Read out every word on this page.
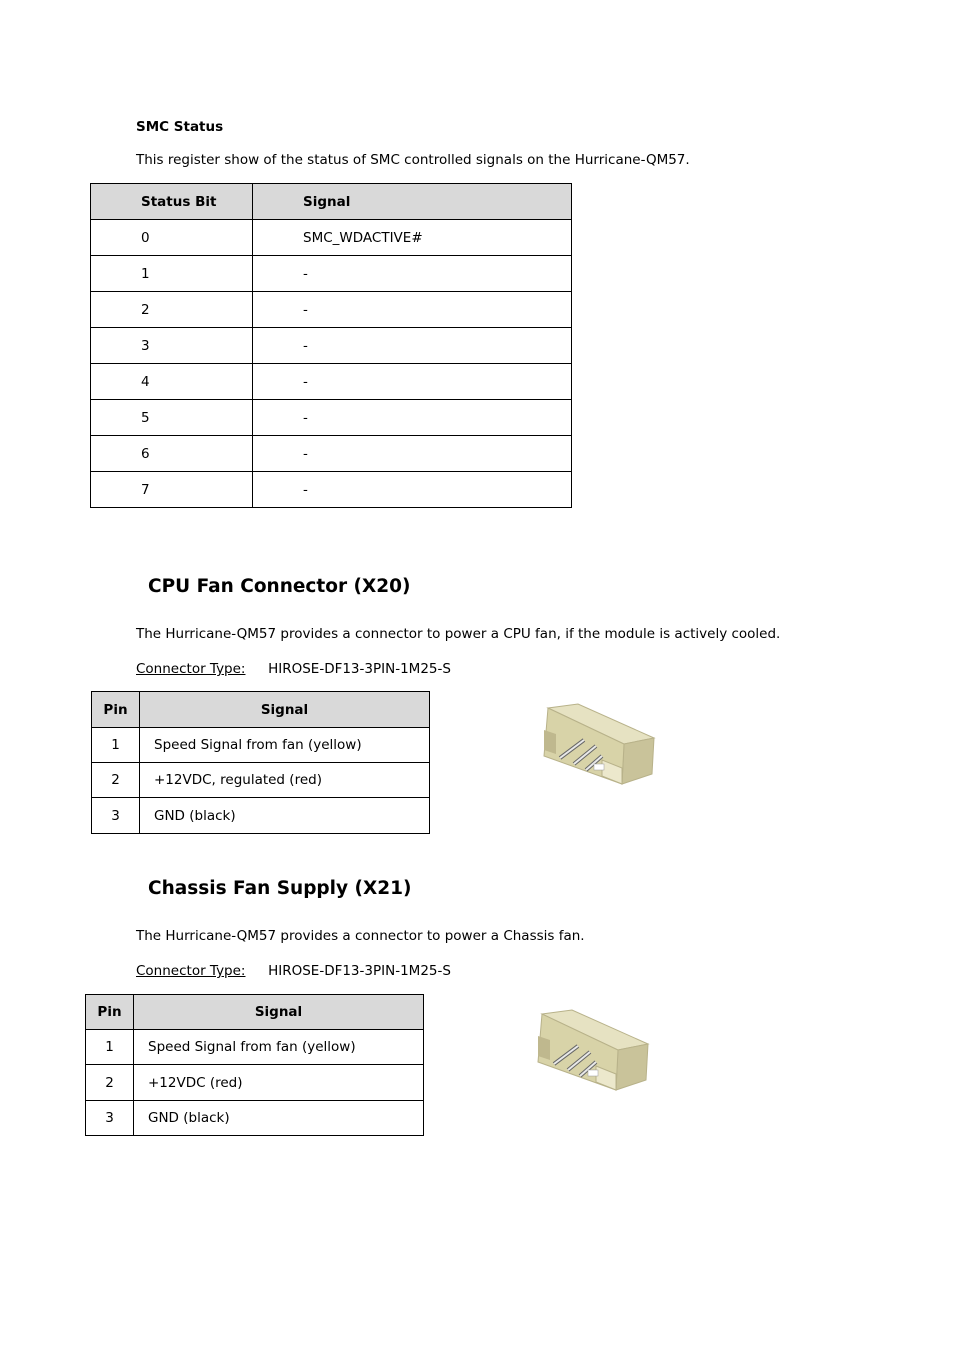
SMC Status
This register show of the status of SMC controlled signals on the Hurricane-QM57.
Status Bit	Signal
0	SMC_WDACTIVE#
1	-
2	-
3	-
4	-
5	-
6	-
7	-
CPU Fan Connector (X20)
The Hurricane-QM57 provides a connector to power a CPU fan, if the module is actively cooled.
Connector Type: HIROSE-DF13-3PIN-1M25-S
Pin	Signal
1	Speed Signal from fan (yellow)
2	+12VDC, regulated (red)
3	GND (black)
Chassis Fan Supply (X21)
The Hurricane-QM57 provides a connector to power a Chassis fan.
Connector Type: HIROSE-DF13-3PIN-1M25-S
Pin	Signal
1	Speed Signal from fan (yellow)
2	+12VDC (red)
3	GND (black)
